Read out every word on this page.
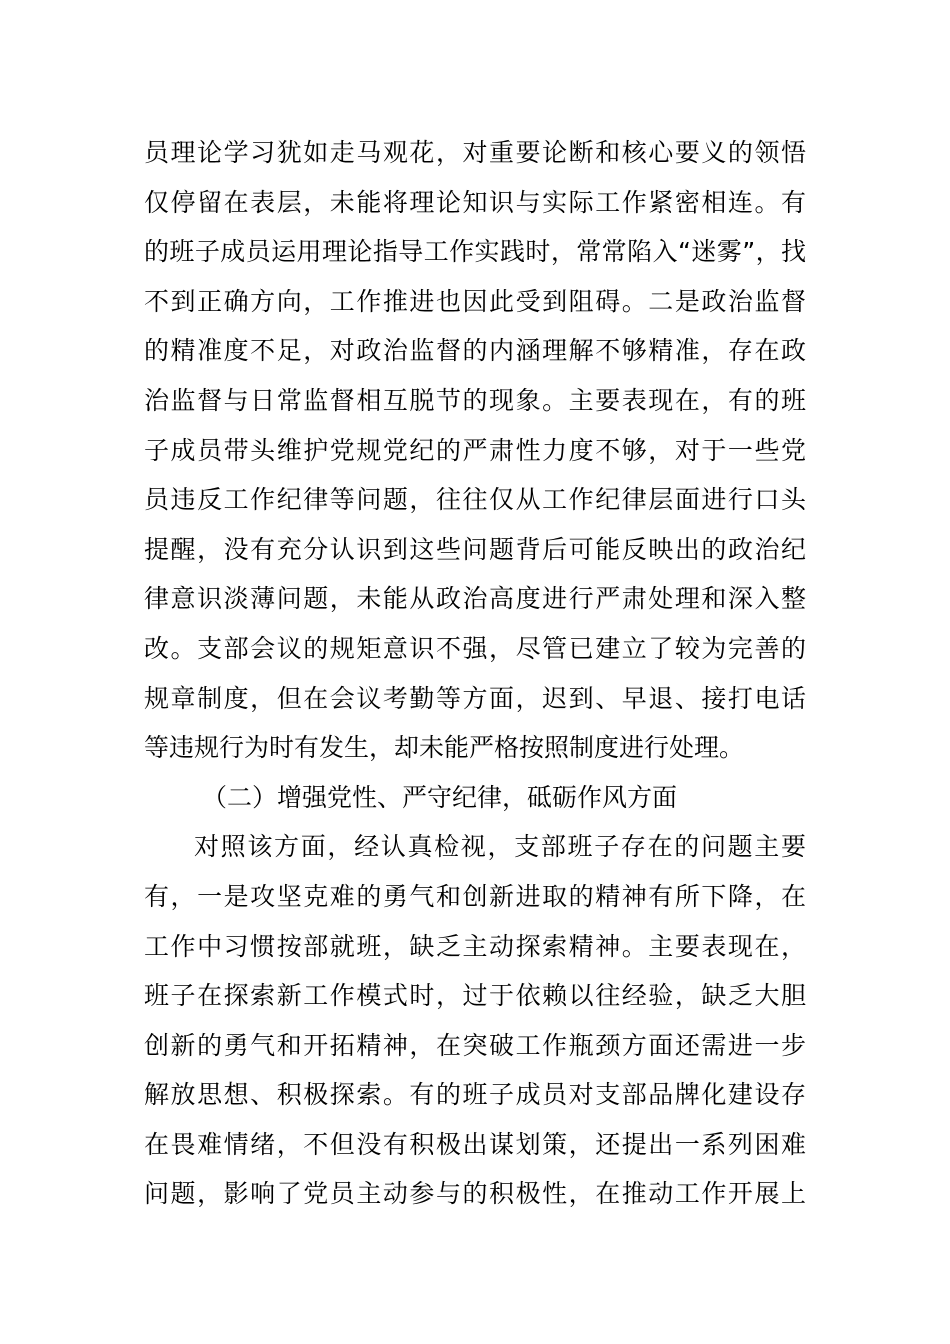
员理论学习犹如走马观花，对重要论断和核心要义的领悟
仅停留在表层，未能将理论知识与实际工作紧密相连。有
的班子成员运用理论指导工作实践时，常常陷入“迷雾”，找
不到正确方向，工作推进也因此受到阻碍。二是政治监督
的精准度不足，对政治监督的内涵理解不够精准，存在政
治监督与日常监督相互脱节的现象。主要表现在，有的班
子成员带头维护党规党纪的严肃性力度不够，对于一些党
员违反工作纪律等问题，往往仅从工作纪律层面进行口头
提醒，没有充分认识到这些问题背后可能反映出的政治纪
律意识淡薄问题，未能从政治高度进行严肃处理和深入整
改。支部会议的规矩意识不强，尽管已建立了较为完善的
规章制度，但在会议考勤等方面，迟到、早退、接打电话
等违规行为时有发生，却未能严格按照制度进行处理。
（二）增强党性、严守纪律，砥砺作风方面
对照该方面，经认真检视，支部班子存在的问题主要
有，一是攻坚克难的勇气和创新进取的精神有所下降，在
工作中习惯按部就班，缺乏主动探索精神。主要表现在，
班子在探索新工作模式时，过于依赖以往经验，缺乏大胆
创新的勇气和开拓精神，在突破工作瓶颈方面还需进一步
解放思想、积极探索。有的班子成员对支部品牌化建设存
在畏难情绪，不但没有积极出谋划策，还提出一系列困难
问题，影响了党员主动参与的积极性，在推动工作开展上
